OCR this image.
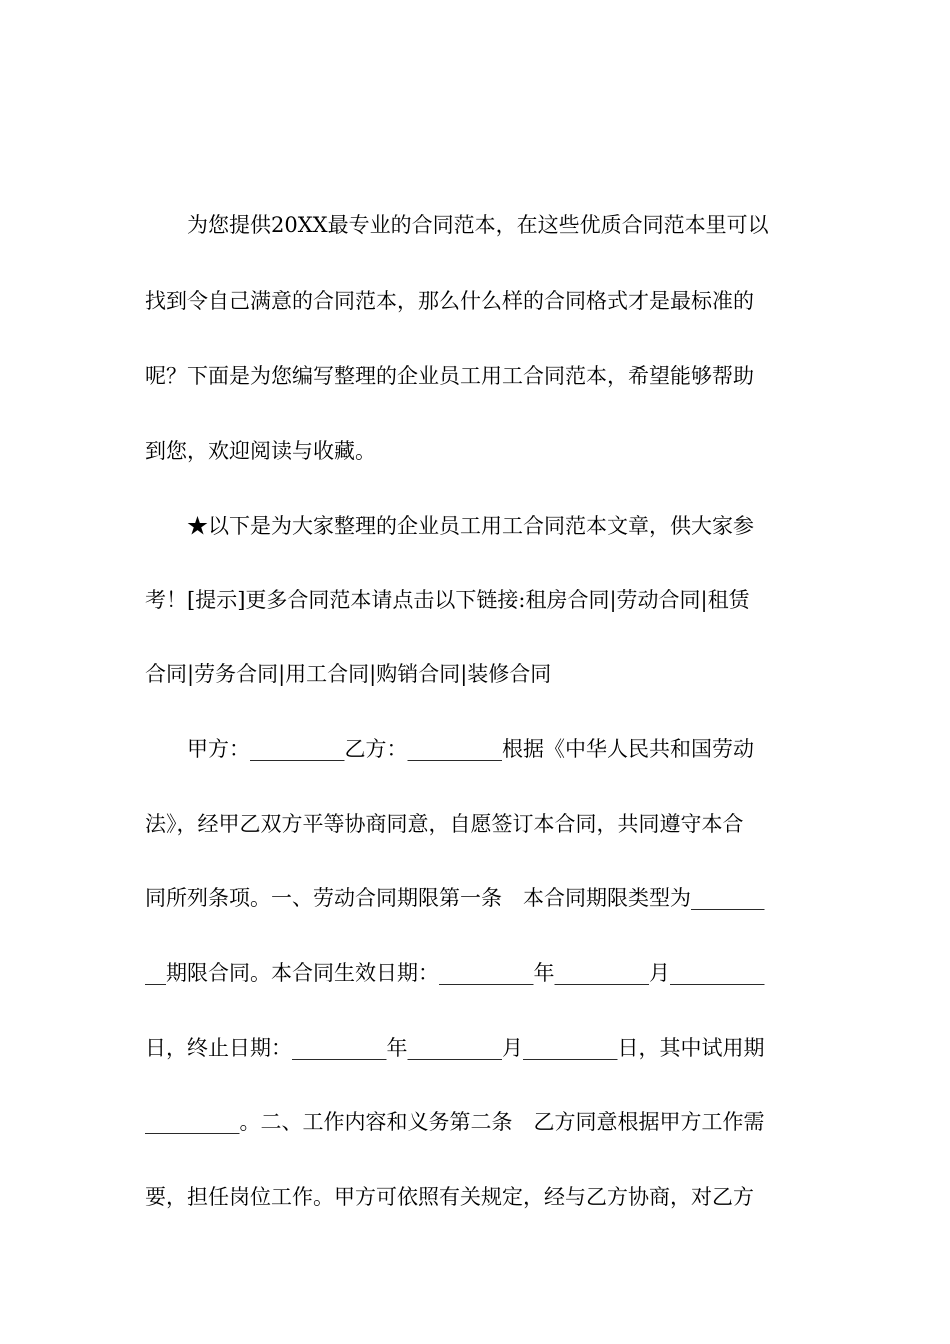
　　为您提供20XX最专业的合同范本，在这些优质合同范本里可以
找到令自己满意的合同范本，那么什么样的合同格式才是最标准的
呢？下面是为您编写整理的企业员工用工合同范本，希望能够帮助
到您，欢迎阅读与收藏。
　　★以下是为大家整理的企业员工用工合同范本文章，供大家参
考！[提示]更多合同范本请点击以下链接:租房合同|劳动合同|租赁
合同|劳务合同|用工合同|购销合同|装修合同
　　甲方：_________乙方：_________根据《中华人民共和国劳动
法》，经甲乙双方平等协商同意，自愿签订本合同，共同遵守本合
同所列条项。一、劳动合同期限第一条　本合同期限类型为_______
__期限合同。本合同生效日期：_________年_________月_________
日，终止日期：_________年_________月_________日，其中试用期
_________。二、工作内容和义务第二条　乙方同意根据甲方工作需
要，担任岗位工作。甲方可依照有关规定，经与乙方协商，对乙方
